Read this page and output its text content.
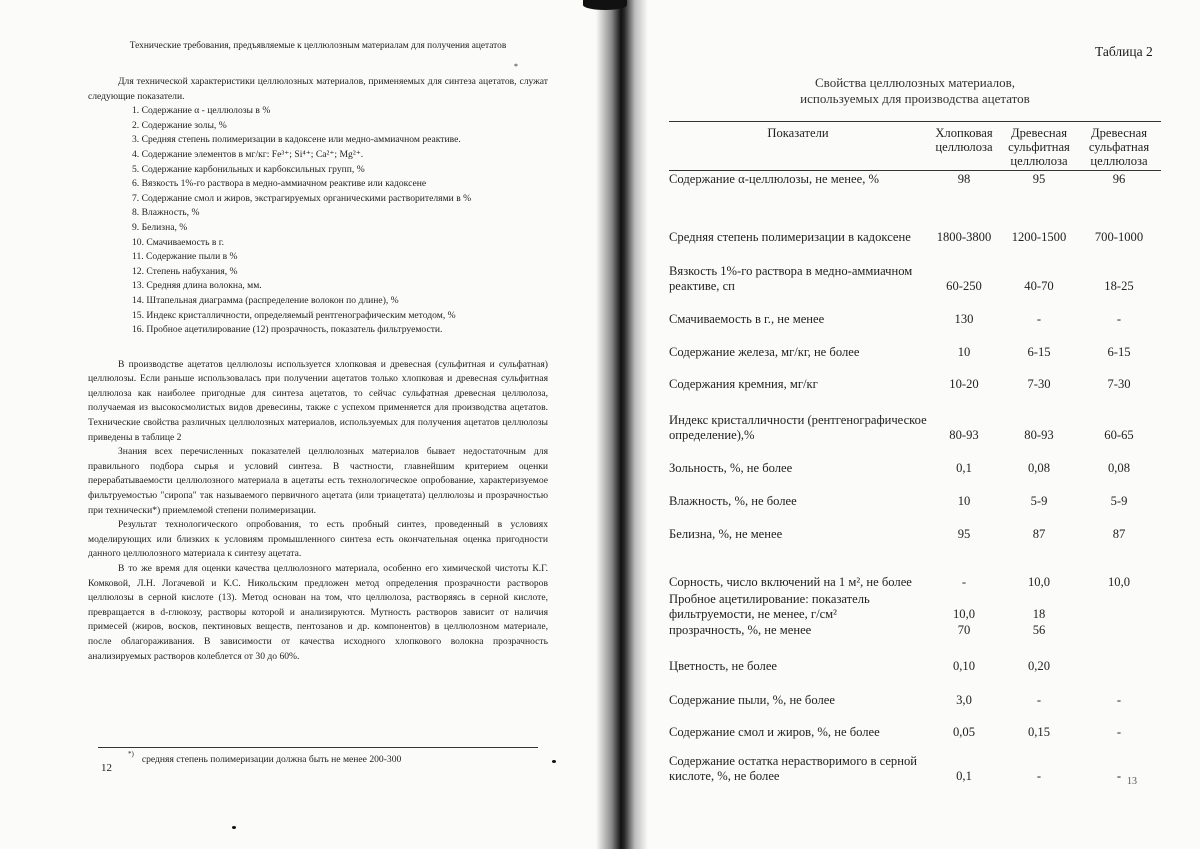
Технические требования, предъявляемые к целлюлозным материалам для получения ацетатов

Для технической характеристики целлюлозных материалов, применяемых для синтеза ацетатов, служат следующие показатели.

1. Содержание α - целлюлозы в %
2. Содержание золы, %
3. Средняя степень полимеризации в кадоксене или медно-аммиачном реактиве.
4. Содержание элементов в мг/кг: Fe³⁺; Si⁴⁺; Ca²⁺; Mg²⁺.
5. Содержание карбонильных и карбоксильных групп, %
6. Вязкость 1%-го раствора в медно-аммиачном реактиве или кадоксене
7. Содержание смол и жиров, экстрагируемых органическими растворителями в %
8. Влажность, %
9. Белизна, %
10. Смачиваемость в г.
11. Содержание пыли в %
12. Степень набухания, %
13. Средняя длина волокна, мм.
14. Штапельная диаграмма (распределение волокон по длине), %
15. Индекс кристалличности, определяемый рентгенографическим методом, %
16. Пробное ацетилирование (12) прозрачность, показатель фильтруемости.

В производстве ацетатов целлюлозы используется хлопковая и древесная (сульфитная и сульфатная) целлюлозы. Если раньше использовалась при получении ацетатов только хлопковая и древесная сульфитная целлюлоза как наиболее пригодные для синтеза ацетатов, то сейчас сульфатная древесная целлюлоза, получаемая из высокосмолистых видов древесины, также с успехом применяется для производства ацетатов. Технические свойства различных целлюлозных материалов, используемых для получения ацетатов целлюлозы приведены в таблице 2

Знания всех перечисленных показателей целлюлозных материалов бывает недостаточным для правильного подбора сырья и условий синтеза. В частности, главнейшим критерием оценки перерабатываемости целлюлозного материала в ацетаты есть технологическое опробование, характеризуемое фильтруемостью "сиропа" так называемого первичного ацетата (или триацетата) целлюлозы и прозрачностью при технически*) приемлемой степени полимеризации.

Результат технологического опробования, то есть пробный синтез, проведенный в условиях моделирующих или близких к условиям промышленного синтеза есть окончательная оценка пригодности данного целлюлозного материала к синтезу ацетата.

В то же время для оценки качества целлюлозного материала, особенно его химической чистоты К.Г. Комковой, Л.Н. Логачевой и К.С. Никольским предложен метод определения прозрачности растворов целлюлозы в серной кислоте (13). Метод основан на том, что целлюлоза, растворяясь в серной кислоте, превращается в d-глюкозу, растворы которой и анализируются. Мутность растворов зависит от наличия примесей (жиров, восков, пектиновых веществ, пентозанов и др. компонентов) в целлюлозном материале, после облагораживания. В зависимости от качества исходного хлопкового волокна прозрачность анализируемых растворов колеблется от 30 до 60%.

*
*)средняя степень полимеризации должна быть не менее 200-300
12
Таблица 2
Свойства целлюлозных материалов,
используемых для производства ацетатов
Показатели	Хлопковая целлюлоза	Древесная сульфитная целлюлоза	Древесная сульфатная целлюлоза
Содержание α-целлюлозы, не менее, %	98	95	96
Средняя степень полимеризации в кадоксене	1800-3800	1200-1500	700-1000
Вязкость 1%-го раствора в медно-аммиачном реактиве, сп	60-250	40-70	18-25
Смачиваемость в г., не менее	130	-	-
Содержание железа, мг/кг, не более	10	6-15	6-15
Содержания кремния, мг/кг	10-20	7-30	7-30
Индекс кристалличности (рентгенографическое определение),%	80-93	80-93	60-65
Зольность, %, не более	0,1	0,08	0,08
Влажность, %, не более	10	5-9	5-9
Белизна, %, не менее	95	87	87
Сорность, число включений на 1 м², не более	-	10,0	10,0
Пробное ацетилирование: показатель фильтруемости, не менее, г/см²	10,0	18	
прозрачность, %, не менее	70	56	
Цветность, не более	0,10	0,20	
Содержание пыли, %, не более	3,0	-	-
Содержание смол и жиров, %, не более	0,05	0,15	-
Содержание остатка нерастворимого в серной кислоте, %, не более	0,1	-	- 13
